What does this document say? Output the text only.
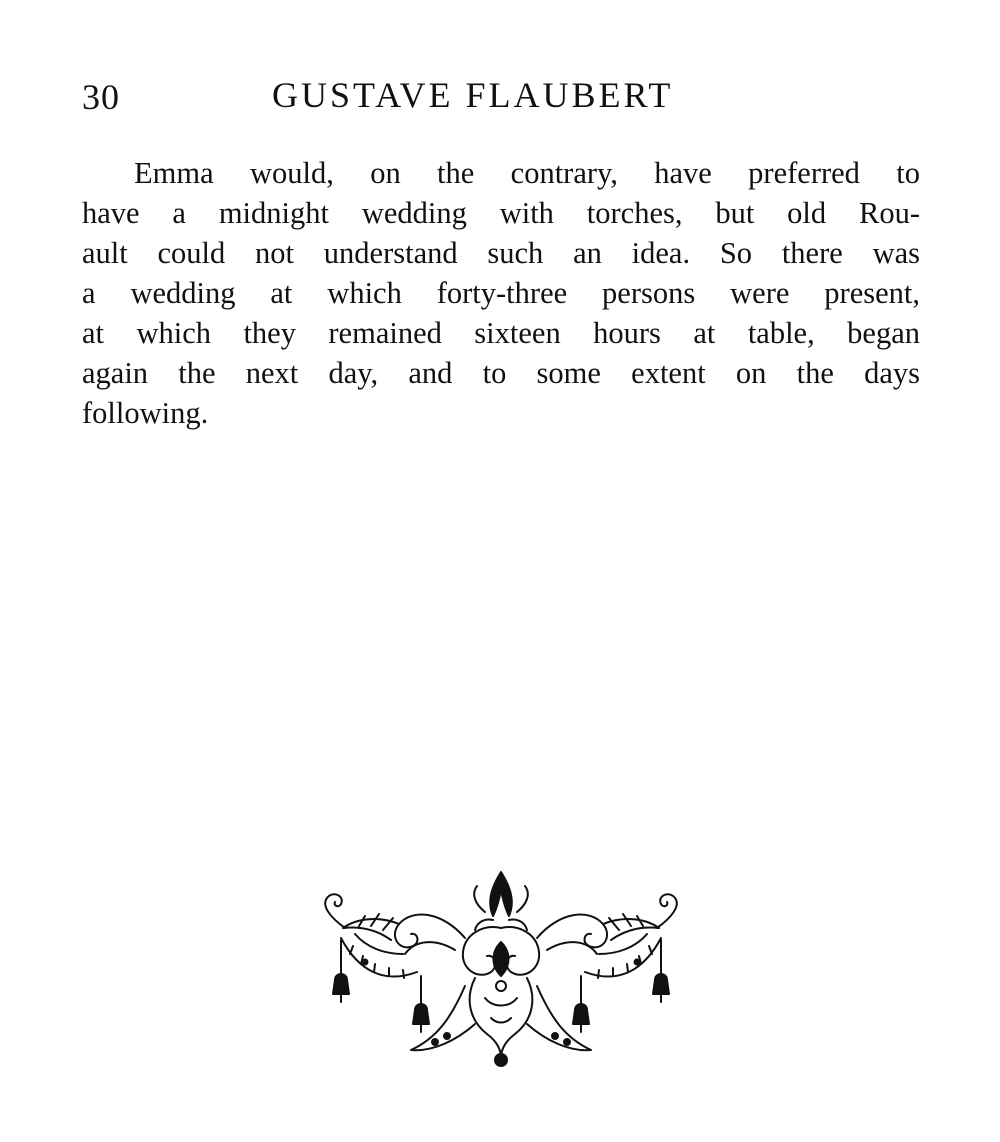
30	GUSTAVE FLAUBERT
Emma would, on the contrary, have preferred to
have a midnight wedding with torches, but old Rou-
ault could not understand such an idea. So there was
a wedding at which forty-three persons were present,
at which they remained sixteen hours at table, began
again the next day, and to some extent on the days
following.
